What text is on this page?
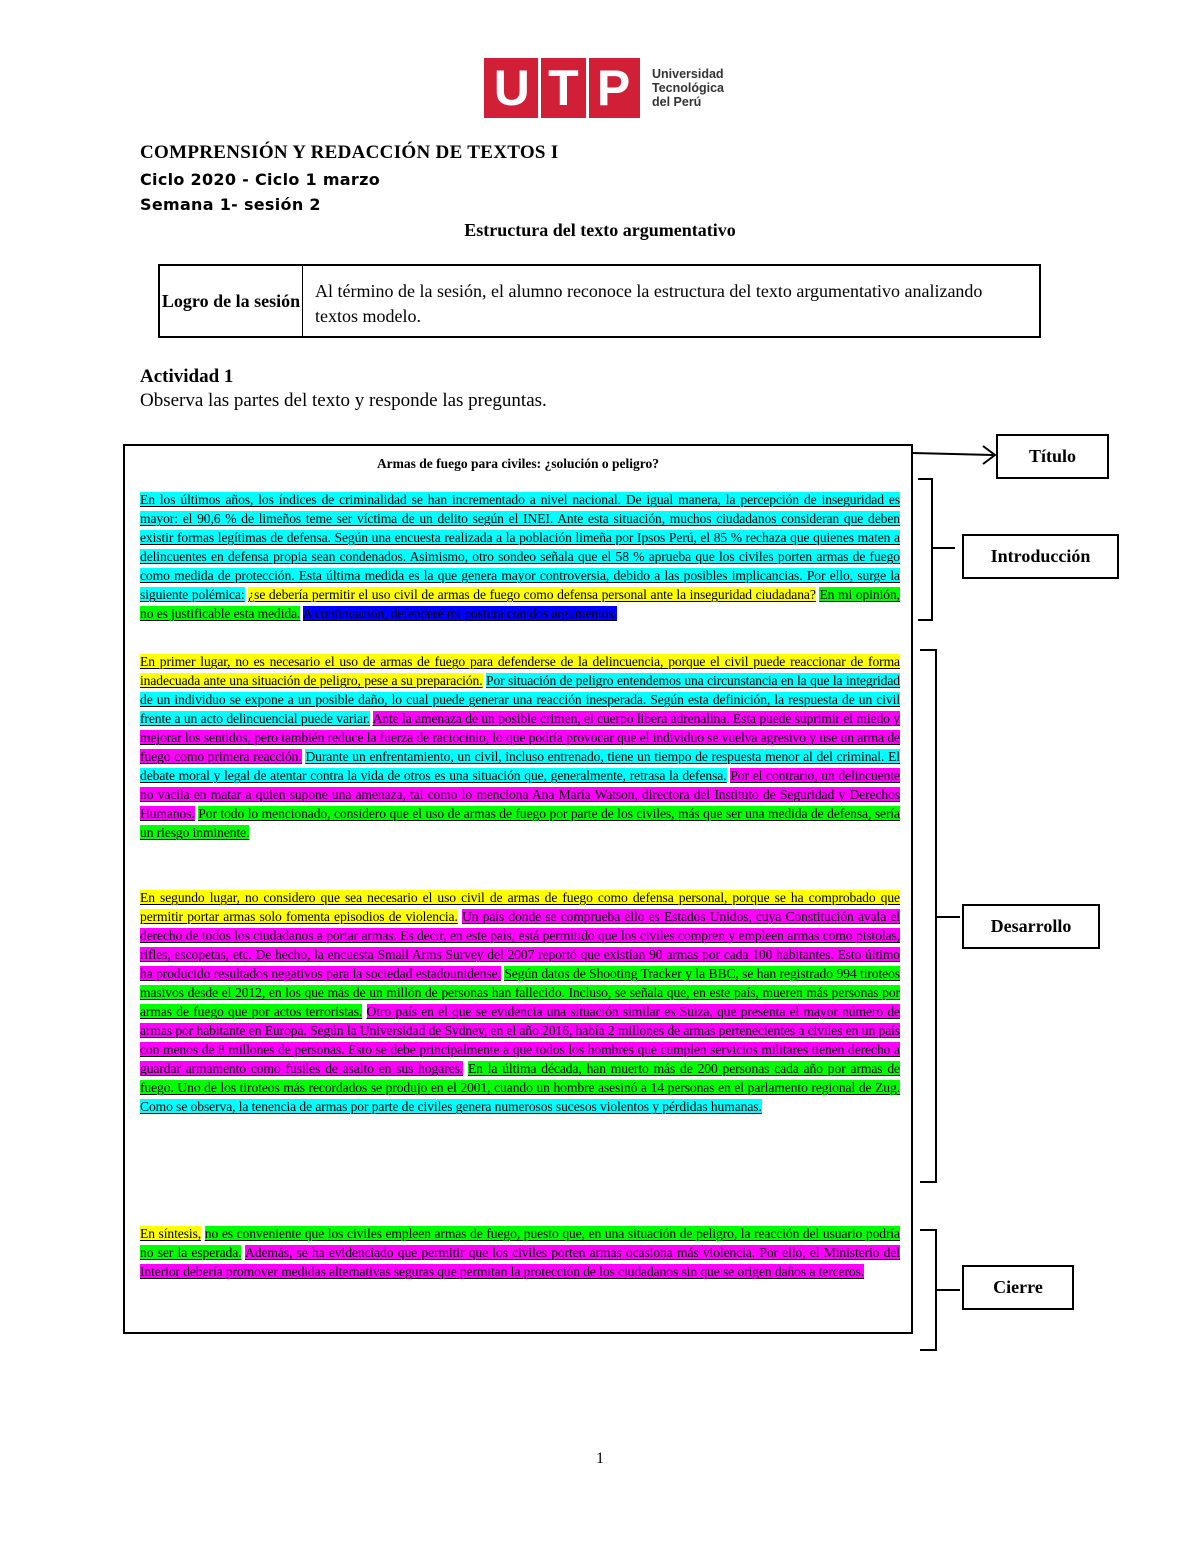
U T P Universidad
Tecnológica
del Perú
COMPRENSIÓN Y REDACCIÓN DE TEXTOS I
Ciclo 2020 - Ciclo 1 marzo
Semana 1- sesión 2
Estructura del texto argumentativo
Logro de la sesión Al término de la sesión, el alumno reconoce la estructura del texto argumentativo analizando textos modelo.
Actividad 1
Observa las partes del texto y responde las preguntas.
Armas de fuego para civiles: ¿solución o peligro?
En los últimos años, los índices de criminalidad se han incrementado a nivel nacional. De igual manera, la percepción de inseguridad es mayor: el 90,6 % de limeños teme ser víctima de un delito según el INEI. Ante esta situación, muchos ciudadanos consideran que deben existir formas legítimas de defensa. Según una encuesta realizada a la población limeña por Ipsos Perú, el 85 % rechaza que quienes maten a delincuentes en defensa propia sean condenados. Asimismo, otro sondeo señala que el 58 % aprueba que los civiles porten armas de fuego como medida de protección. Esta última medida es la que genera mayor controversia, debido a las posibles implicancias. Por ello, surge la siguiente polémica: ¿se debería permitir el uso civil de armas de fuego como defensa personal ante la inseguridad ciudadana? En mi opinión, no es justificable esta medida. A continuación, defenderé mi postura con dos argumentos.
En primer lugar, no es necesario el uso de armas de fuego para defenderse de la delincuencia, porque el civil puede reaccionar de forma inadecuada ante una situación de peligro, pese a su preparación. Por situación de peligro entendemos una circunstancia en la que la integridad de un individuo se expone a un posible daño, lo cual puede generar una reacción inesperada. Según esta definición, la respuesta de un civil frente a un acto delincuencial puede variar. Ante la amenaza de un posible crimen, el cuerpo libera adrenalina. Esta puede suprimir el miedo y mejorar los sentidos, pero también reduce la fuerza de raciocinio, lo que podría provocar que el individuo se vuelva agresivo y use un arma de fuego como primera reacción. Durante un enfrentamiento, un civil, incluso entrenado, tiene un tiempo de respuesta menor al del criminal. El debate moral y legal de atentar contra la vida de otros es una situación que, generalmente, retrasa la defensa. Por el contrario, un delincuente no vacila en matar a quien supone una amenaza, tal como lo menciona Ana María Watson, directora del Instituto de Seguridad y Derechos Humanos. Por todo lo mencionado, considero que el uso de armas de fuego por parte de los civiles, más que ser una medida de defensa, sería un riesgo inminente.
En segundo lugar, no considero que sea necesario el uso civil de armas de fuego como defensa personal, porque se ha comprobado que permitir portar armas solo fomenta episodios de violencia. Un país donde se comprueba ello es Estados Unidos, cuya Constitución avala el derecho de todos los ciudadanos a portar armas. Es decir, en este país, está permitido que los civiles compren y empleen armas como pistolas, rifles, escopetas, etc. De hecho, la encuesta Small Arms Survey del 2007 reportó que existían 90 armas por cada 100 habitantes. Esto último ha producido resultados negativos para la sociedad estadounidense. Según datos de Shooting Tracker y la BBC, se han registrado 994 tiroteos masivos desde el 2012, en los que más de un millón de personas han fallecido. Incluso, se señala que, en este país, mueren más personas por armas de fuego que por actos terroristas. Otro país en el que se evidencia una situación similar es Suiza, que presenta el mayor número de armas por habitante en Europa. Según la Universidad de Sydney, en el año 2016, había 2 millones de armas pertenecientes a civiles en un país con menos de 8 millones de personas. Esto se debe principalmente a que todos los hombres que cumplen servicios militares tienen derecho a guardar armamento como fusiles de asalto en sus hogares. En la última década, han muerto más de 200 personas cada año por armas de fuego. Uno de los tiroteos más recordados se produjo en el 2001, cuando un hombre asesinó a 14 personas en el parlamento regional de Zug. Como se observa, la tenencia de armas por parte de civiles genera numerosos sucesos violentos y pérdidas humanas.
En síntesis, no es conveniente que los civiles empleen armas de fuego, puesto que, en una situación de peligro, la reacción del usuario podría no ser la esperada. Además, se ha evidenciado que permitir que los civiles porten armas ocasiona más violencia. Por ello, el Ministerio del Interior debería promover medidas alternativas seguras que permitan la protección de los ciudadanos sin que se origen daños a terceros.
Título
Introducción
Desarrollo
Cierre
1
